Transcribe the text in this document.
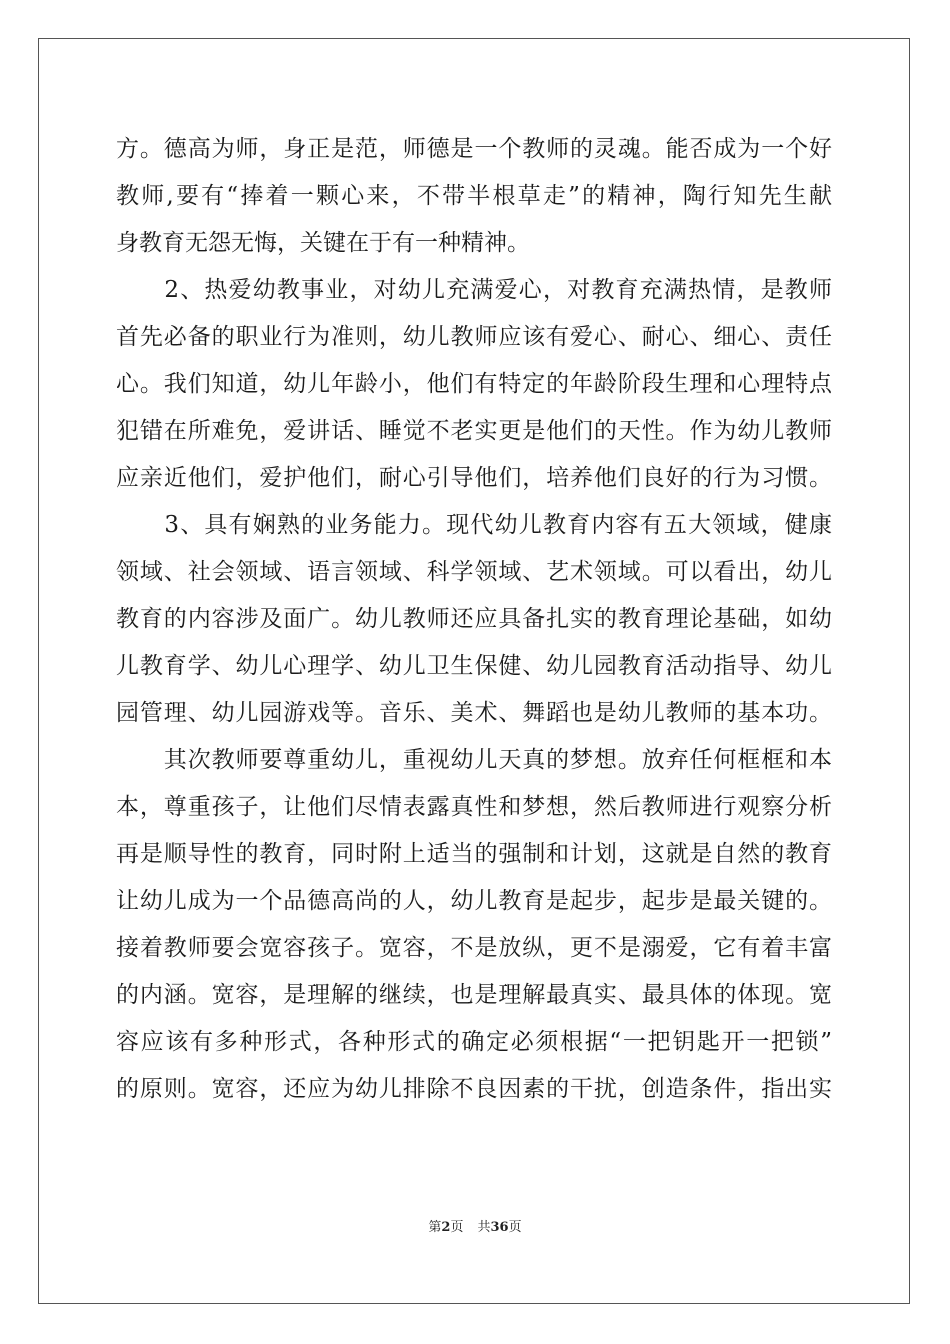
方。德高为师，身正是范，师德是一个教师的灵魂。能否成为一个好
教师,要有“捧着一颗心来，不带半根草走”的精神，陶行知先生献
身教育无怨无悔，关键在于有一种精神。
　　2、热爱幼教事业，对幼儿充满爱心，对教育充满热情，是教师
首先必备的职业行为准则，幼儿教师应该有爱心、耐心、细心、责任
心。我们知道，幼儿年龄小，他们有特定的年龄阶段生理和心理特点
犯错在所难免，爱讲话、睡觉不老实更是他们的天性。作为幼儿教师
应亲近他们，爱护他们，耐心引导他们，培养他们良好的行为习惯。
　　3、具有娴熟的业务能力。现代幼儿教育内容有五大领域，健康
领域、社会领域、语言领域、科学领域、艺术领域。可以看出，幼儿
教育的内容涉及面广。幼儿教师还应具备扎实的教育理论基础，如幼
儿教育学、幼儿心理学、幼儿卫生保健、幼儿园教育活动指导、幼儿
园管理、幼儿园游戏等。音乐、美术、舞蹈也是幼儿教师的基本功。
　　其次教师要尊重幼儿，重视幼儿天真的梦想。放弃任何框框和本
本，尊重孩子，让他们尽情表露真性和梦想，然后教师进行观察分析
再是顺导性的教育，同时附上适当的强制和计划，这就是自然的教育
让幼儿成为一个品德高尚的人，幼儿教育是起步，起步是最关键的。
接着教师要会宽容孩子。宽容，不是放纵，更不是溺爱，它有着丰富
的内涵。宽容，是理解的继续，也是理解最真实、最具体的体现。宽
容应该有多种形式，各种形式的确定必须根据“一把钥匙开一把锁”
的原则。宽容，还应为幼儿排除不良因素的干扰，创造条件，指出实
第2页 共36页
